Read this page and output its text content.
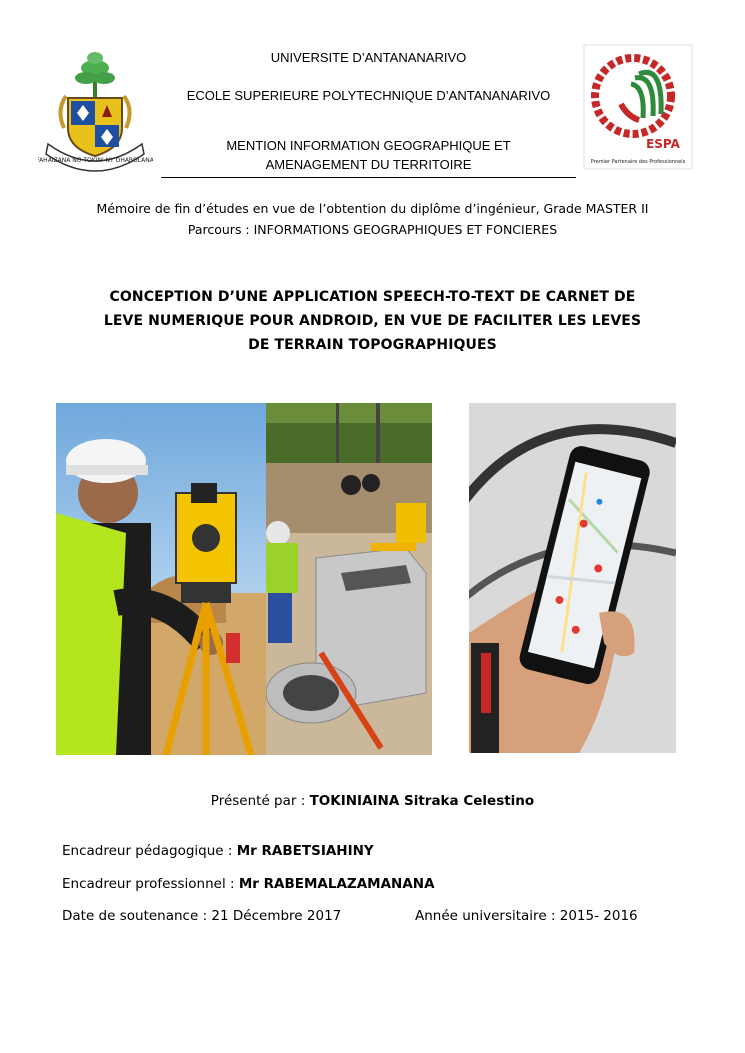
FAHAIZANA NO TOKIN' NY OHABOLANA
UNIVERSITE D’ANTANANARIVO
ECOLE SUPERIEURE POLYTECHNIQUE D’ANTANANARIVO
MENTION INFORMATION GEOGRAPHIQUE ET
AMENAGEMENT DU TERRITOIRE
ESPA
Premier Partenaire des Professionnels
Mémoire de fin d’études en vue de l’obtention du diplôme d’ingénieur, Grade MASTER II
Parcours : INFORMATIONS GEOGRAPHIQUES ET FONCIERES
CONCEPTION D’UNE APPLICATION SPEECH-TO-TEXT DE CARNET DE
LEVE NUMERIQUE POUR ANDROID, EN VUE DE FACILITER LES LEVES
DE TERRAIN TOPOGRAPHIQUES
Présenté par : TOKINIAINA Sitraka Celestino
Encadreur pédagogique : Mr RABETSIAHINY
Encadreur professionnel : Mr RABEMALAZAMANANA
Date de soutenance : 21 Décembre 2017	Année universitaire : 2015- 2016
